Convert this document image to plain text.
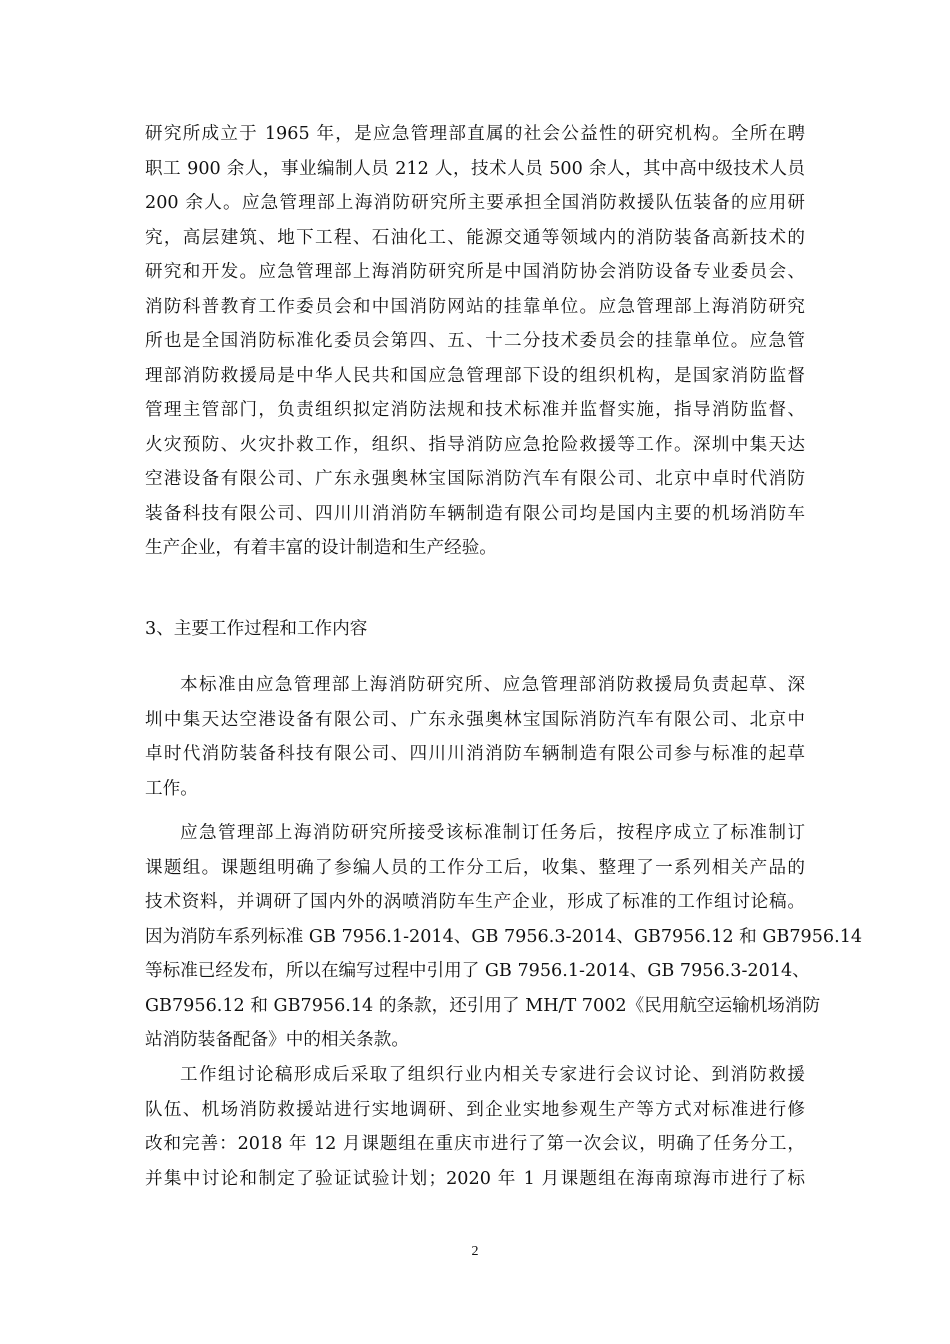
研究所成立于 1965 年，是应急管理部直属的社会公益性的研究机构。全所在聘
职工 900 余人，事业编制人员 212 人，技术人员 500 余人，其中高中级技术人员
200 余人。应急管理部上海消防研究所主要承担全国消防救援队伍装备的应用研
究，高层建筑、地下工程、石油化工、能源交通等领域内的消防装备高新技术的
研究和开发。应急管理部上海消防研究所是中国消防协会消防设备专业委员会、
消防科普教育工作委员会和中国消防网站的挂靠单位。应急管理部上海消防研究
所也是全国消防标准化委员会第四、五、十二分技术委员会的挂靠单位。应急管
理部消防救援局是中华人民共和国应急管理部下设的组织机构，是国家消防监督
管理主管部门，负责组织拟定消防法规和技术标准并监督实施，指导消防监督、
火灾预防、火灾扑救工作，组织、指导消防应急抢险救援等工作。深圳中集天达
空港设备有限公司、广东永强奥林宝国际消防汽车有限公司、北京中卓时代消防
装备科技有限公司、四川川消消防车辆制造有限公司均是国内主要的机场消防车
生产企业，有着丰富的设计制造和生产经验。
3、主要工作过程和工作内容
本标准由应急管理部上海消防研究所、应急管理部消防救援局负责起草、深
圳中集天达空港设备有限公司、广东永强奥林宝国际消防汽车有限公司、北京中
卓时代消防装备科技有限公司、四川川消消防车辆制造有限公司参与标准的起草
工作。
应急管理部上海消防研究所接受该标准制订任务后，按程序成立了标准制订
课题组。课题组明确了参编人员的工作分工后，收集、整理了一系列相关产品的
技术资料，并调研了国内外的涡喷消防车生产企业，形成了标准的工作组讨论稿。
因为消防车系列标准 GB 7956.1-2014、GB 7956.3-2014、GB7956.12 和 GB7956.14
等标准已经发布，所以在编写过程中引用了 GB 7956.1-2014、GB 7956.3-2014、
GB7956.12 和 GB7956.14 的条款，还引用了 MH/T 7002《民用航空运输机场消防
站消防装备配备》中的相关条款。
工作组讨论稿形成后采取了组织行业内相关专家进行会议讨论、到消防救援
队伍、机场消防救援站进行实地调研、到企业实地参观生产等方式对标准进行修
改和完善：2018 年 12 月课题组在重庆市进行了第一次会议，明确了任务分工，
并集中讨论和制定了验证试验计划；2020 年 1 月课题组在海南琼海市进行了标
2
